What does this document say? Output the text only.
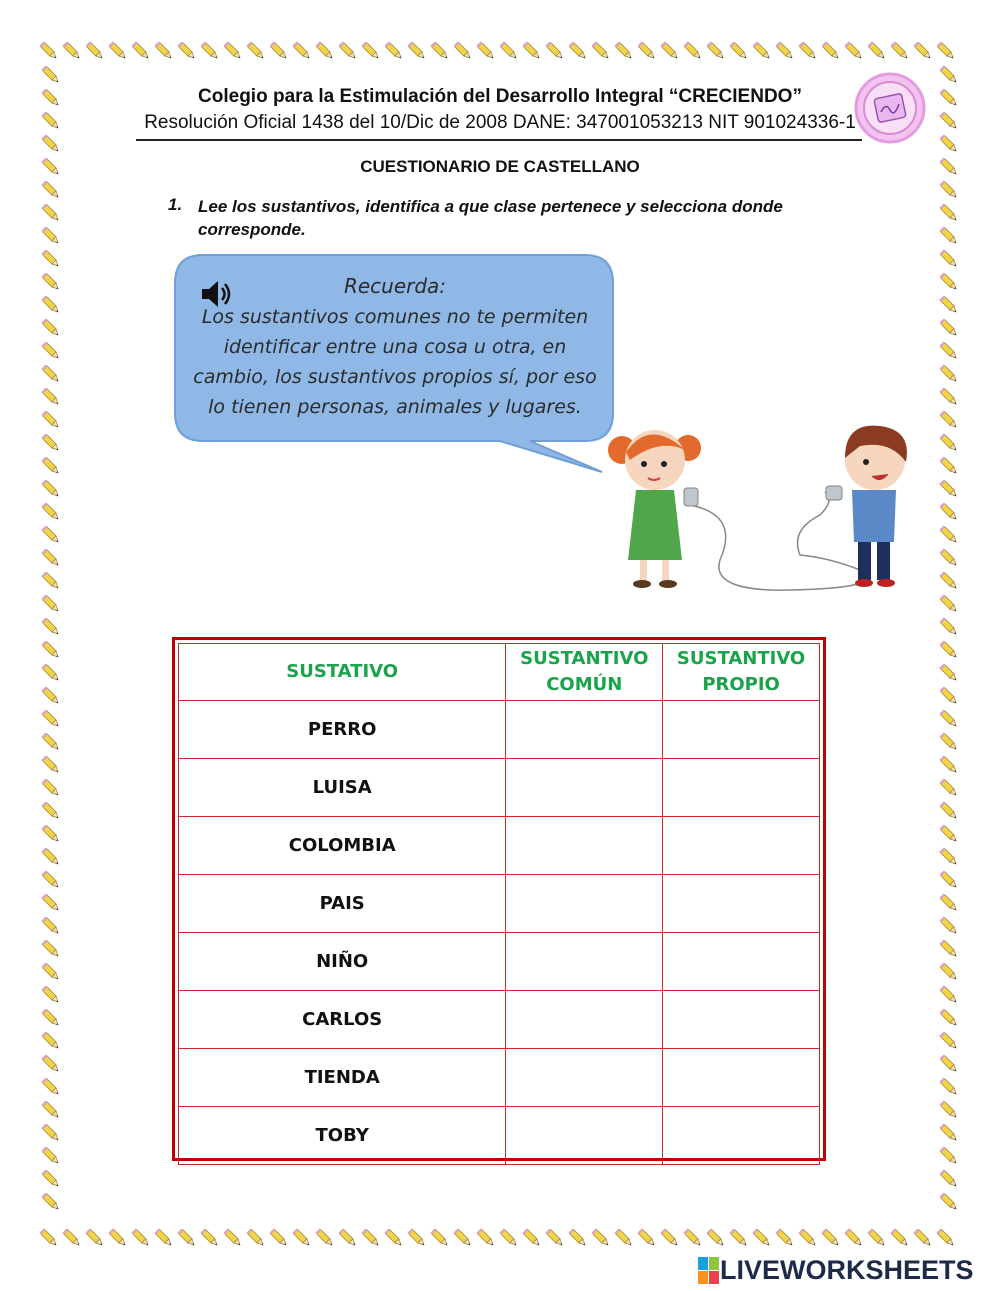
Colegio para la Estimulación del Desarrollo Integral “CRECIENDO”
Resolución Oficial 1438 del 10/Dic de 2008 DANE: 347001053213 NIT 901024336-1
CUESTIONARIO DE CASTELLANO
1. Lee los sustantivos, identifica a que clase pertenece y selecciona donde corresponde.
Recuerda:
Los sustantivos comunes no te permiten identificar entre una cosa u otra, en cambio, los sustantivos propios sí, por eso lo tienen personas, animales y lugares.
SUSTATIVO	SUSTANTIVO COMÚN	SUSTANTIVO PROPIO
PERRO		
LUISA		
COLOMBIA		
PAIS		
NIÑO		
CARLOS		
TIENDA		
TOBY		
LIVEWORKSHEETS
